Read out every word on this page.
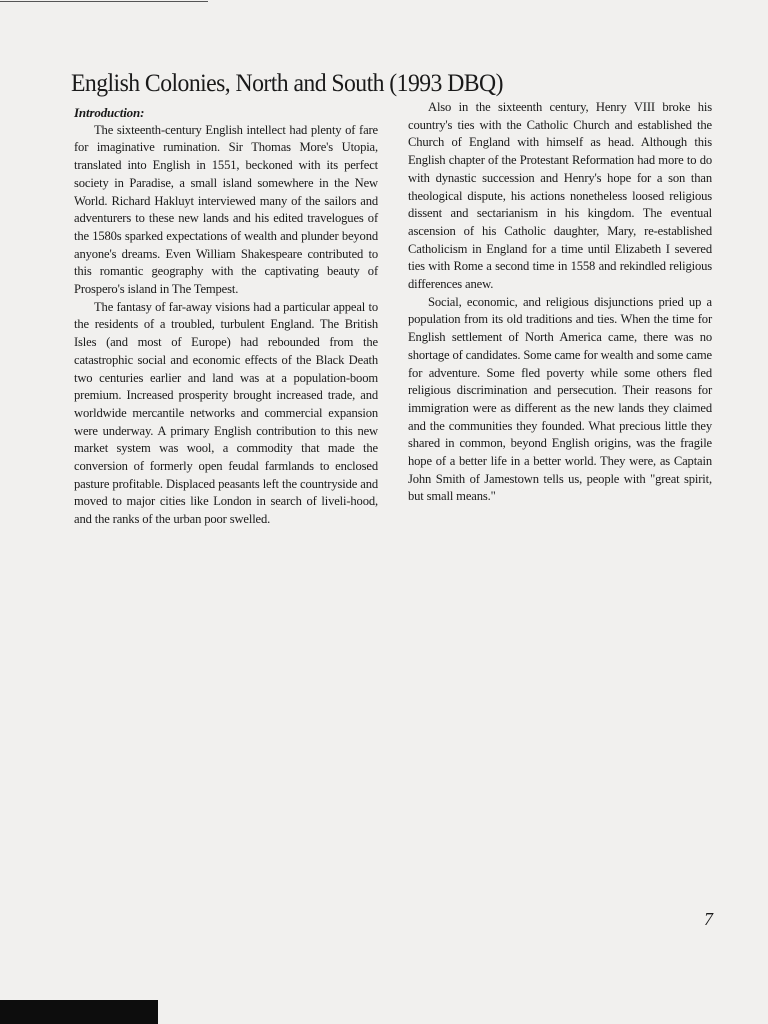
English Colonies, North and South (1993 DBQ)
Introduction:

The sixteenth-century English intellect had plenty of fare for imaginative rumination. Sir Thomas More's Utopia, translated into English in 1551, beckoned with its perfect society in Paradise, a small island somewhere in the New World. Richard Hakluyt interviewed many of the sailors and adventurers to these new lands and his edited travelogues of the 1580s sparked expectations of wealth and plunder beyond anyone's dreams. Even William Shakespeare contributed to this romantic geography with the captivating beauty of Prospero's island in The Tempest.

The fantasy of far-away visions had a particular appeal to the residents of a troubled, turbulent England. The British Isles (and most of Europe) had rebounded from the catastrophic social and economic effects of the Black Death two centuries earlier and land was at a population-boom premium. Increased prosperity brought increased trade, and worldwide mercantile networks and commercial expansion were underway. A primary English contribution to this new market system was wool, a commodity that made the conversion of formerly open feudal farmlands to enclosed pasture profitable. Displaced peasants left the countryside and moved to major cities like London in search of liveli-hood, and the ranks of the urban poor swelled.

Also in the sixteenth century, Henry VIII broke his country's ties with the Catholic Church and established the Church of England with himself as head. Although this English chapter of the Protestant Reformation had more to do with dynastic succession and Henry's hope for a son than theological dispute, his actions nonetheless loosed religious dissent and sectarianism in his kingdom. The eventual ascension of his Catholic daughter, Mary, re-established Catholicism in England for a time until Elizabeth I severed ties with Rome a second time in 1558 and rekindled religious differences anew.

Social, economic, and religious disjunctions pried up a population from its old traditions and ties. When the time for English settlement of North America came, there was no shortage of candidates. Some came for wealth and some came for adventure. Some fled poverty while some others fled religious discrimination and persecution. Their reasons for immigration were as different as the new lands they claimed and the communities they founded. What precious little they shared in common, beyond English origins, was the fragile hope of a better life in a better world. They were, as Captain John Smith of Jamestown tells us, people with "great spirit, but small means."

7
